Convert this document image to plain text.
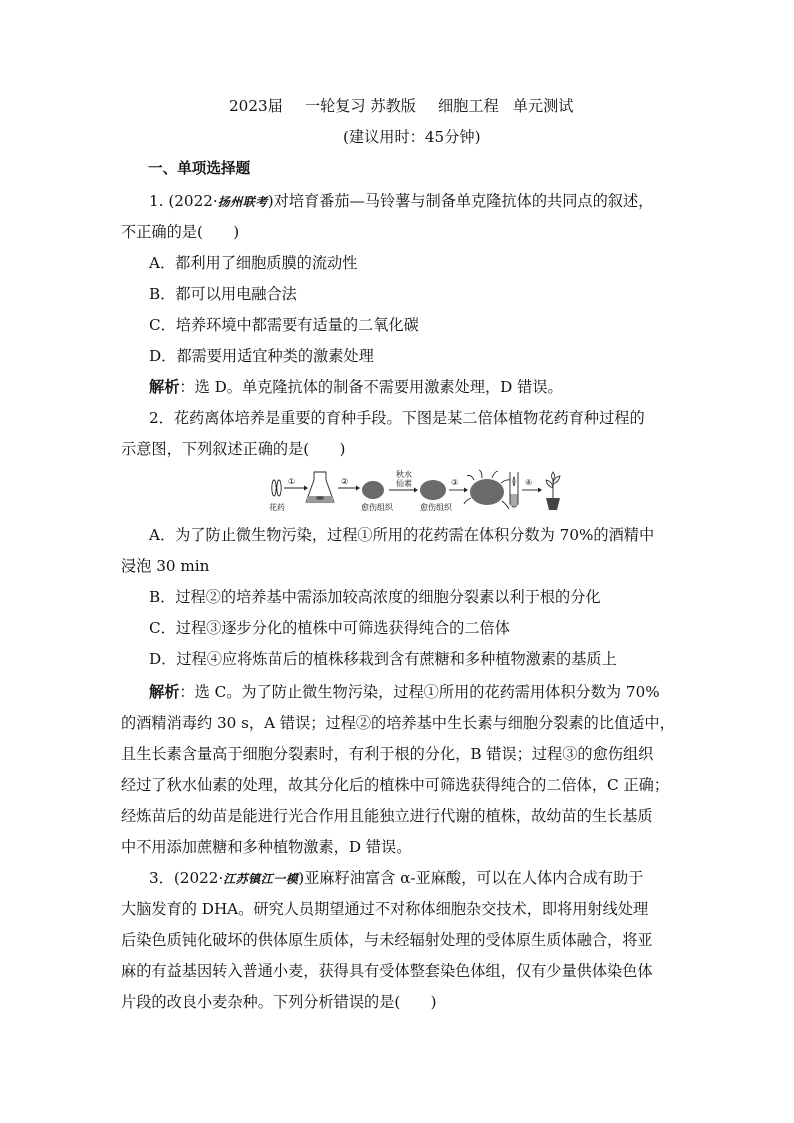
2023届 一轮复习 苏教版 细胞工程 单元测试
(建议用时：45分钟)
一、单项选择题
1. (2022·扬州联考)对培育番茄—马铃薯与制备单克隆抗体的共同点的叙述，
不正确的是(　　)
A．都利用了细胞质膜的流动性
B．都可以用电融合法
C．培养环境中都需要有适量的二氧化碳
D．都需要用适宜种类的激素处理
解析：选 D。单克隆抗体的制备不需要用激素处理，D 错误。
2．花药离体培养是重要的育种手段。下图是某二倍体植物花药育种过程的
示意图，下列叙述正确的是(　　)
花药
①	②
愈伤组织
秋水
仙素
愈伤组织
③	④
A．为了防止微生物污染，过程①所用的花药需在体积分数为 70%的酒精中
浸泡 30 min
B．过程②的培养基中需添加较高浓度的细胞分裂素以利于根的分化
C．过程③逐步分化的植株中可筛选获得纯合的二倍体
D．过程④应将炼苗后的植株移栽到含有蔗糖和多种植物激素的基质上
解析：选 C。为了防止微生物污染，过程①所用的花药需用体积分数为 70%
的酒精消毒约 30 s，A 错误；过程②的培养基中生长素与细胞分裂素的比值适中，
且生长素含量高于细胞分裂素时，有利于根的分化，B 错误；过程③的愈伤组织
经过了秋水仙素的处理，故其分化后的植株中可筛选获得纯合的二倍体，C 正确；
经炼苗后的幼苗是能进行光合作用且能独立进行代谢的植株，故幼苗的生长基质
中不用添加蔗糖和多种植物激素，D 错误。
3．(2022·江苏镇江一模)亚麻籽油富含 α-亚麻酸，可以在人体内合成有助于
大脑发育的 DHA。研究人员期望通过不对称体细胞杂交技术，即将用射线处理
后染色质钝化破坏的供体原生质体，与未经辐射处理的受体原生质体融合，将亚
麻的有益基因转入普通小麦，获得具有受体整套染色体组，仅有少量供体染色体
片段的改良小麦杂种。下列分析错误的是(　　)
